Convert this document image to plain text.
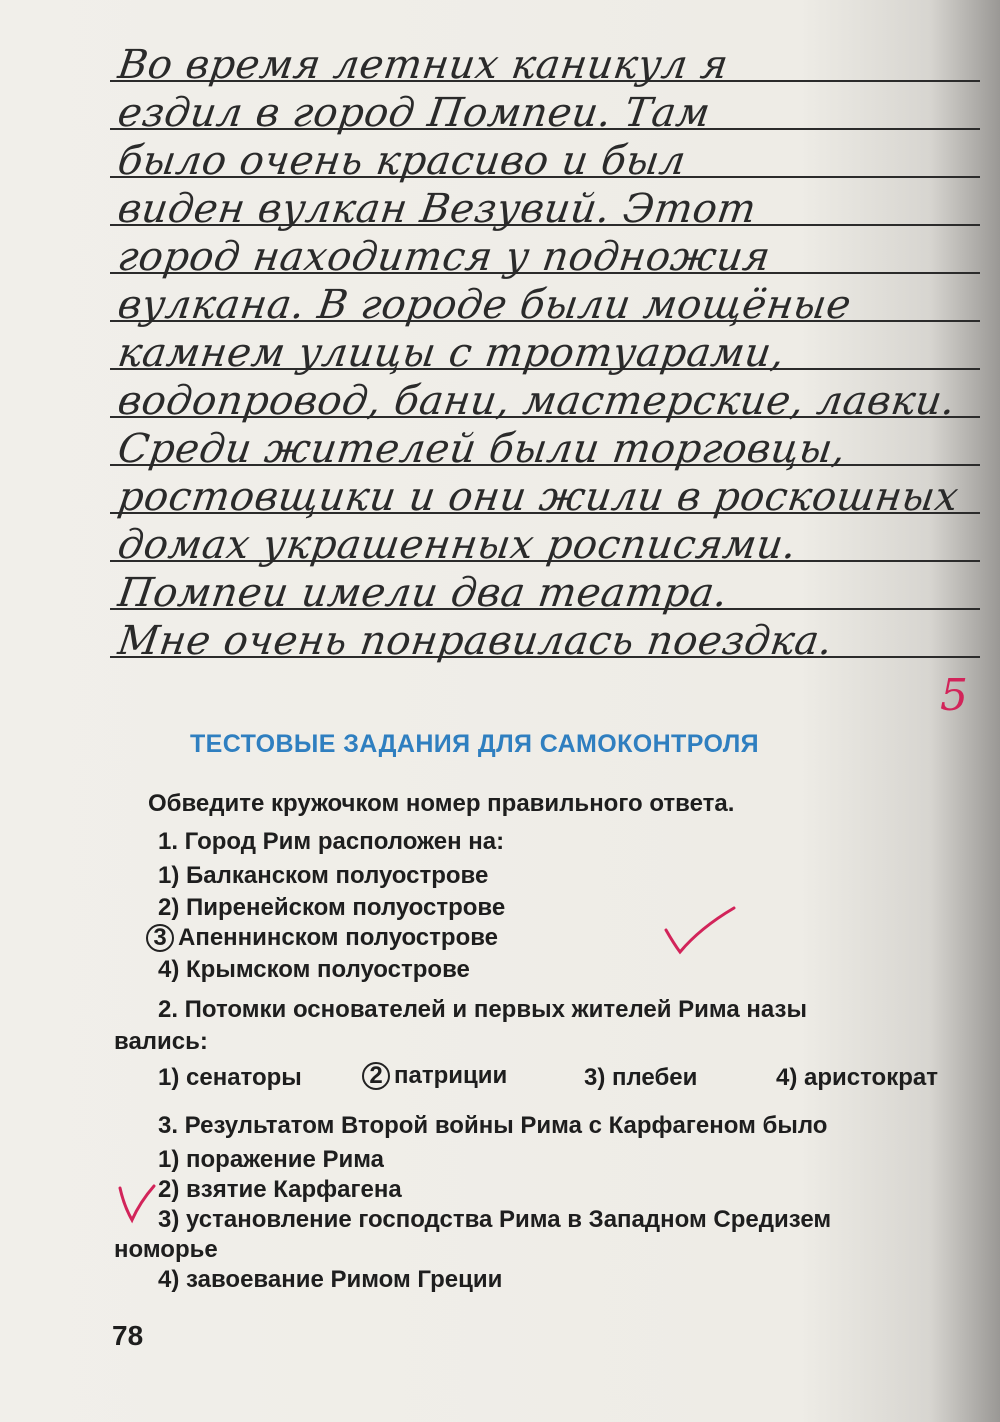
Во время летних каникул я
ездил в город Помпеи. Там
было очень красиво и был
виден вулкан Везувий. Этот
город находится у подножия
вулкана. В городе были мощёные
камнем улицы с тротуарами,
водопровод, бани, мастерские, лавки.
Среди жителей были торговцы,
ростовщики и они жили в роскошных
домах украшенных росписями.
Помпеи имели два театра.
Мне очень понравилась поездка.
5
ТЕСТОВЫЕ ЗАДАНИЯ ДЛЯ САМОКОНТРОЛЯ
Обведите кружочком номер правильного ответа.
1. Город Рим расположен на:
1) Балканском полуострове
2) Пиренейском полуострове
3 Апеннинском полуострове
4) Крымском полуострове
2. Потомки основателей и первых жителей Рима назы
вались:
1) сенаторы	2 патриции	3) плебеи	4) аристократ
3. Результатом Второй войны Рима с Карфагеном было
1) поражение Рима
2) взятие Карфагена
3) установление господства Рима в Западном Средизем
номорье
4) завоевание Римом Греции
78
